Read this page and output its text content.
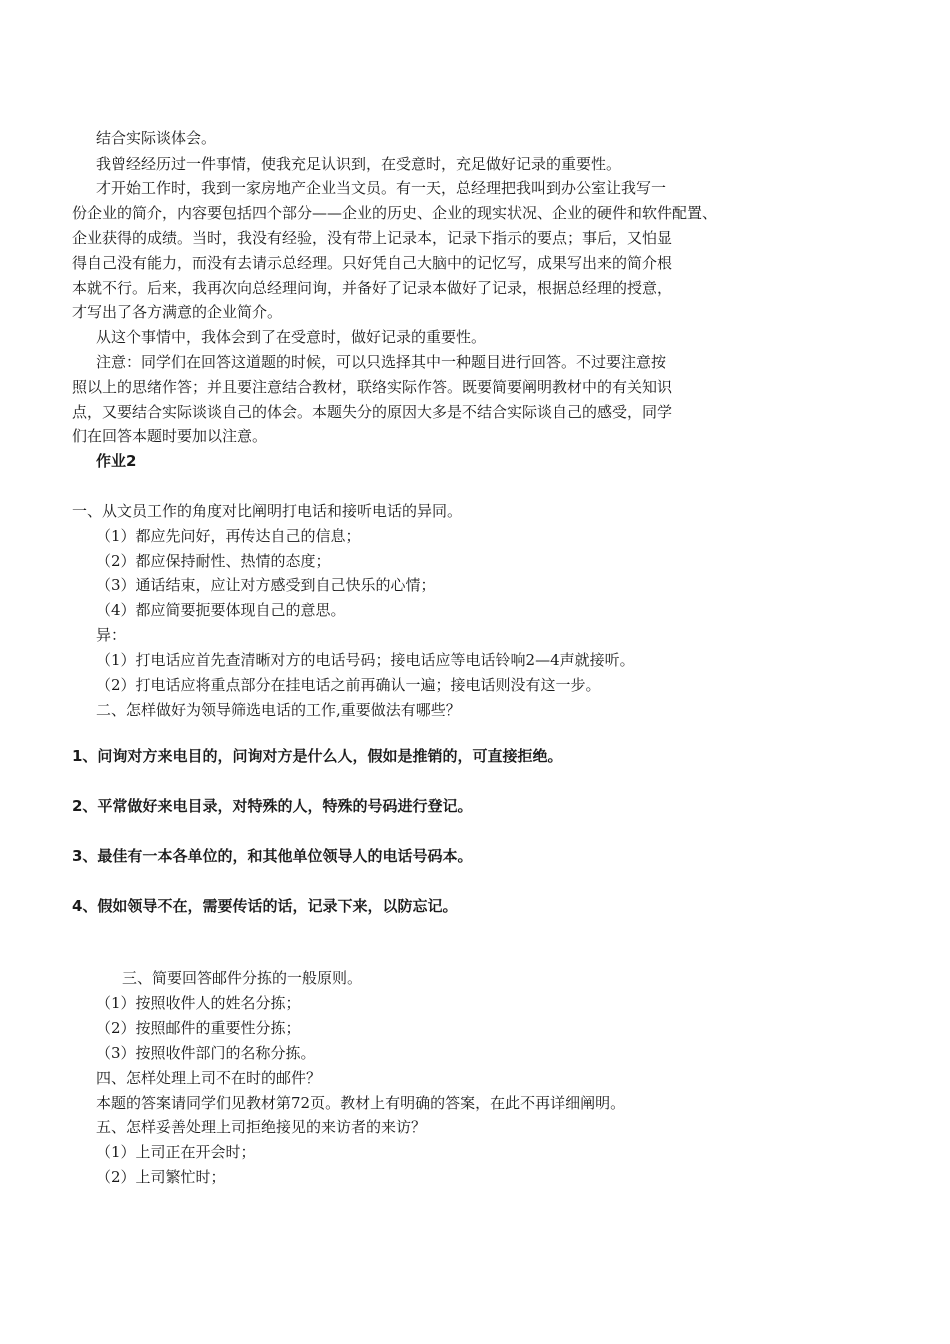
结合实际谈体会。
我曾经经历过一件事情，使我充足认识到，在受意时，充足做好记录的重要性。
才开始工作时，我到一家房地产企业当文员。有一天，总经理把我叫到办公室让我写一
份企业的简介，内容要包括四个部分——企业的历史、企业的现实状况、企业的硬件和软件配置、
企业获得的成绩。当时，我没有经验，没有带上记录本，记录下指示的要点；事后，又怕显
得自己没有能力，而没有去请示总经理。只好凭自己大脑中的记忆写，成果写出来的简介根
本就不行。后来，我再次向总经理问询，并备好了记录本做好了记录，根据总经理的授意，
才写出了各方满意的企业简介。
从这个事情中，我体会到了在受意时，做好记录的重要性。
注意：同学们在回答这道题的时候，可以只选择其中一种题目进行回答。不过要注意按
照以上的思绪作答；并且要注意结合教材，联络实际作答。既要简要阐明教材中的有关知识
点，又要结合实际谈谈自己的体会。本题失分的原因大多是不结合实际谈自己的感受，同学
们在回答本题时要加以注意。
作业2
一、从文员工作的角度对比阐明打电话和接听电话的异同。
（1）都应先问好，再传达自己的信息；
（2）都应保持耐性、热情的态度；
（3）通话结束，应让对方感受到自己快乐的心情；
（4）都应简要扼要体现自己的意思。
异：
（1）打电话应首先查清晰对方的电话号码；接电话应等电话铃响2—4声就接听。
（2）打电话应将重点部分在挂电话之前再确认一遍；接电话则没有这一步。
二、怎样做好为领导筛选电话的工作,重要做法有哪些？
1、问询对方来电目的，问询对方是什么人，假如是推销的，可直接拒绝。
2、平常做好来电目录，对特殊的人，特殊的号码进行登记。
3、最佳有一本各单位的，和其他单位领导人的电话号码本。
4、假如领导不在，需要传话的话，记录下来，以防忘记。
三、简要回答邮件分拣的一般原则。
（1）按照收件人的姓名分拣；
（2）按照邮件的重要性分拣；
（3）按照收件部门的名称分拣。
四、怎样处理上司不在时的邮件？
本题的答案请同学们见教材第72页。教材上有明确的答案，在此不再详细阐明。
五、怎样妥善处理上司拒绝接见的来访者的来访？
（1）上司正在开会时；
（2）上司繁忙时；
